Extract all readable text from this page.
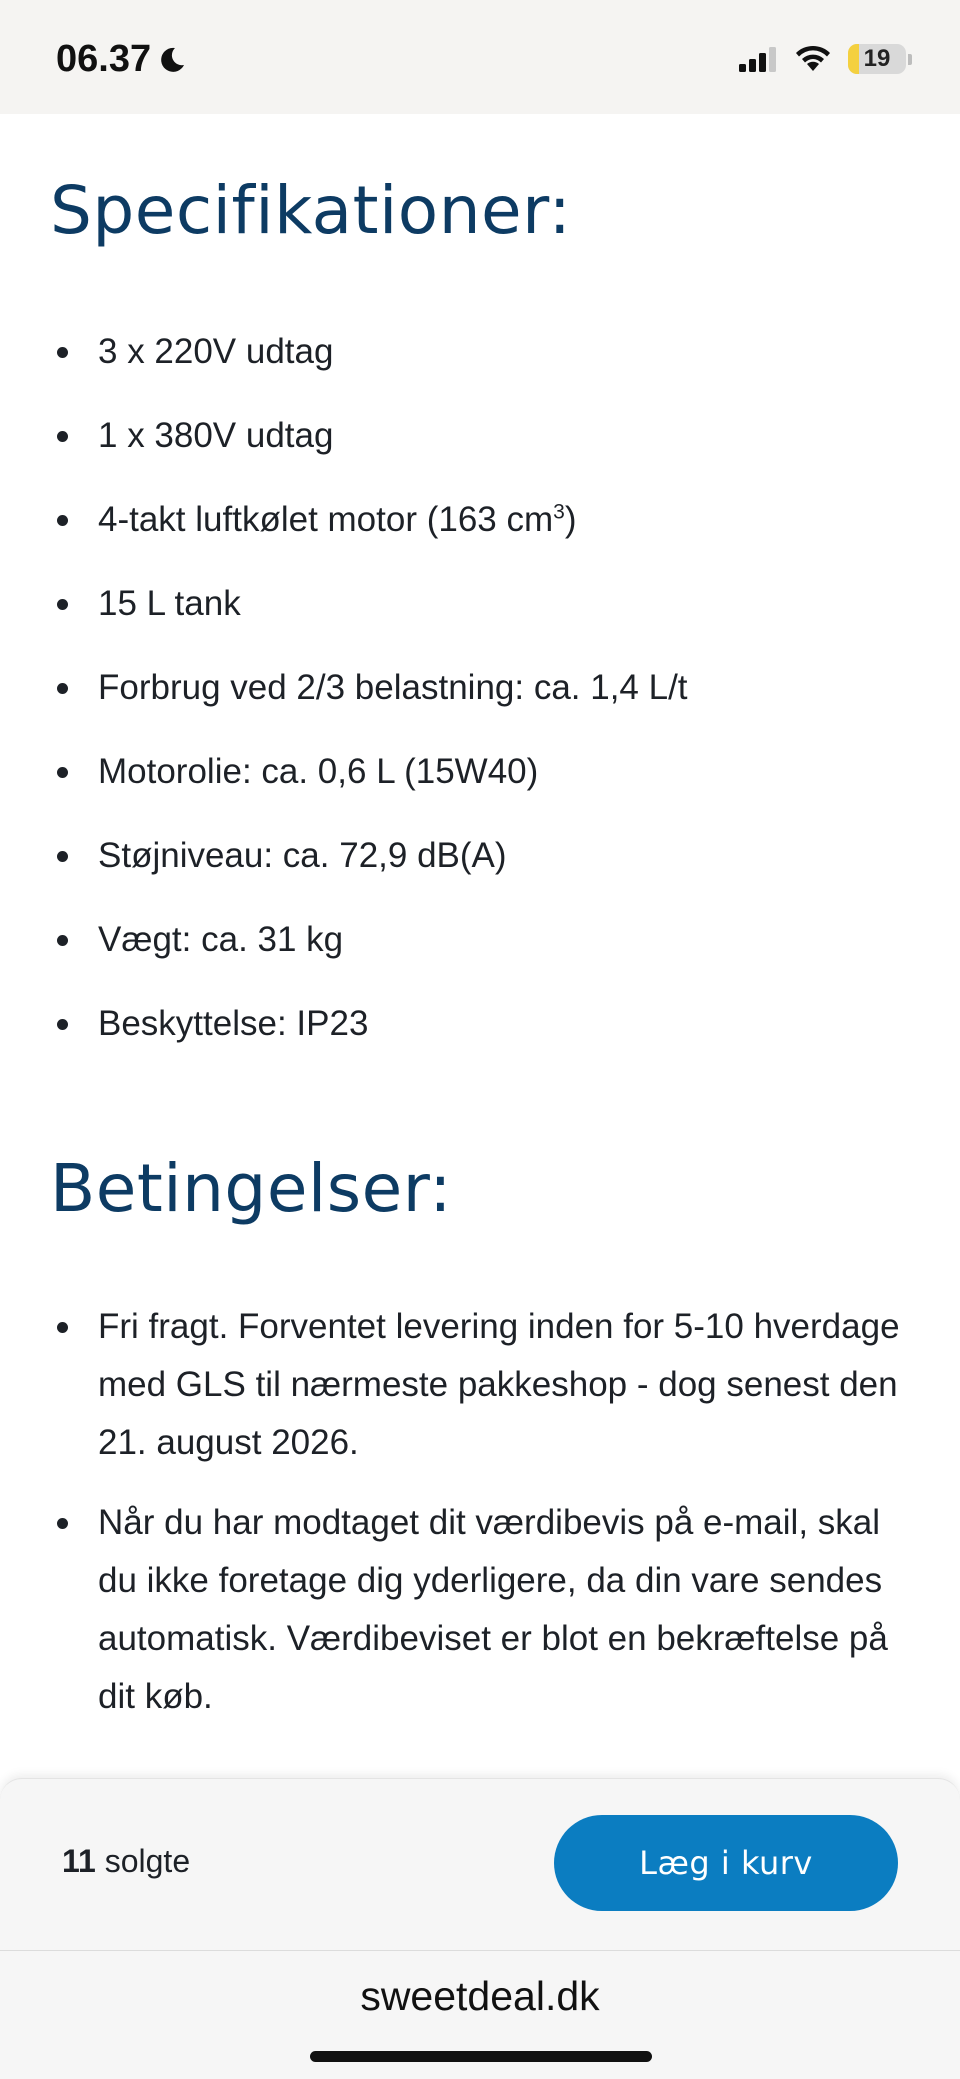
06.37	19
Specifikationer:
3 x 220V udtag
1 x 380V udtag
4-takt luftkølet motor (163 $cm^3$)
15 L tank
Forbrug ved 2/3 belastning: ca. 1,4 L/t
Motorolie: ca. 0,6 L (15W40)
Støjniveau: ca. 72,9 dB(A)
Vægt: ca. 31 kg
Beskyttelse: IP23
Betingelser:
Fri fragt. Forventet levering inden for 5-10 hverdage med GLS til nærmeste pakkeshop - dog senest den 21. august 2026.
Når du har modtaget dit værdibevis på e-mail, skal du ikke foretage dig yderligere, da din vare sendes automatisk. Værdibeviset er blot en bekræftelse på dit køb.
11 solgte	Læg i kurv
sweetdeal.dk
